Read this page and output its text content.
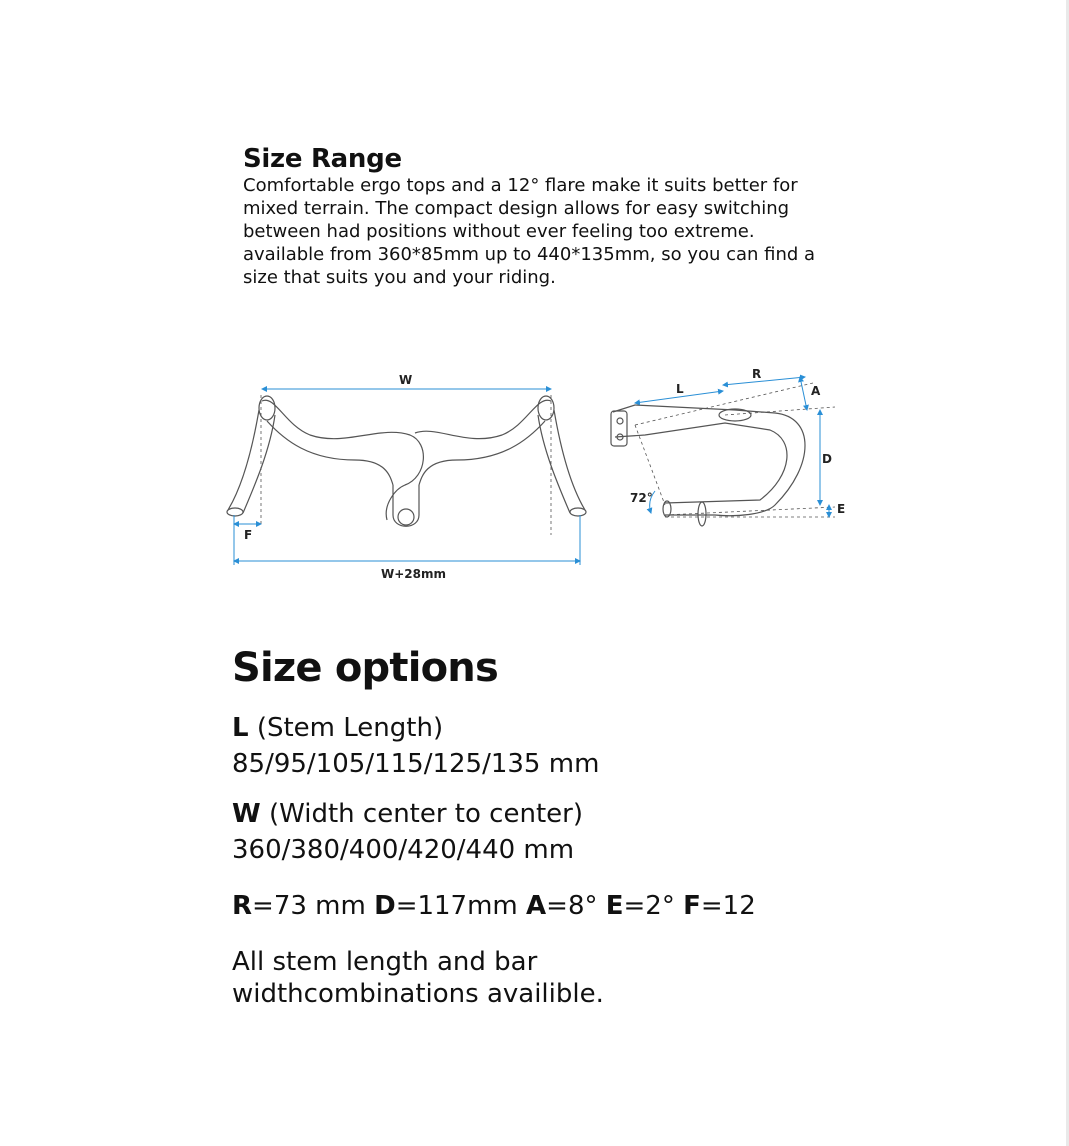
Size Range

Comfortable ergo tops and a 12° flare make it suits better for
mixed terrain. The compact design allows for easy switching
between had positions without ever feeling too extreme.
available from 360*85mm up to 440*135mm, so you can find a
size that suits you and your riding.

W
F
W+28mm
L
R
A
D
E
72°
Size options
L (Stem Length)
85/95/105/115/125/135 mm
W (Width center to center)
360/380/400/420/440 mm
R=73 mm D=117mm A=8° E=2° F=12
All stem length and bar
widthcombinations availible.
